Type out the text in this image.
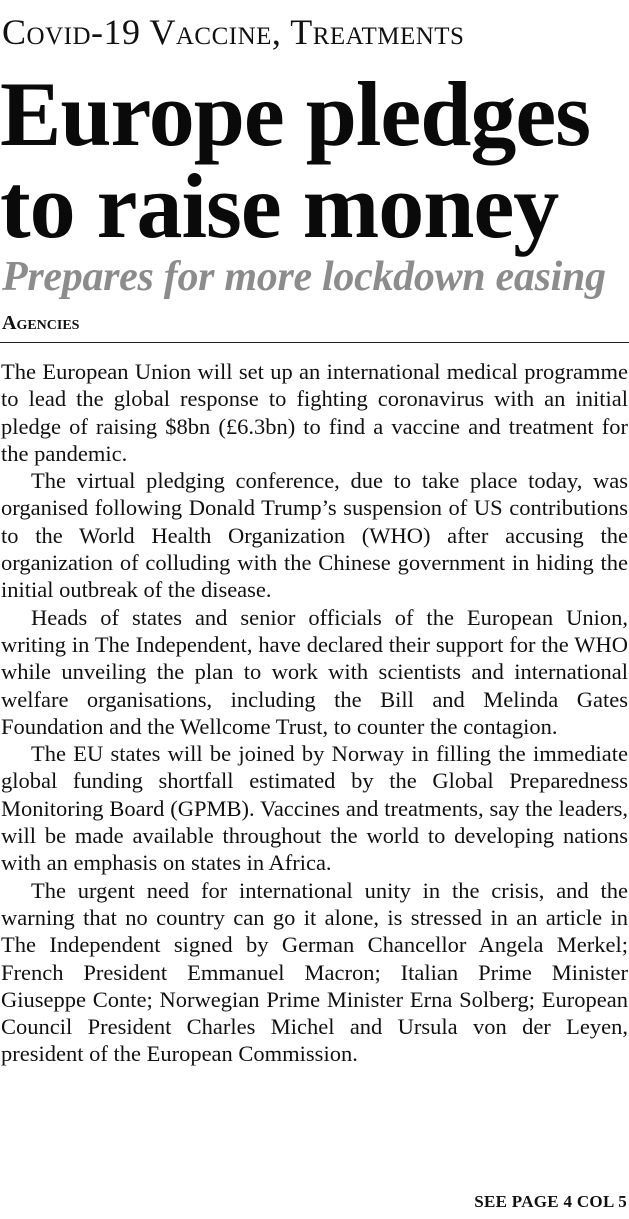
Covid-19 Vaccine, Treatments
Europe pledges
to raise money
Prepares for more lockdown easing
Agencies

The European Union will set up an international medical programme to lead the global response to fighting coronavirus with an initial pledge of raising $8bn (£6.3bn) to find a vaccine and treatment for the pandemic.

The virtual pledging conference, due to take place today, was organised following Donald Trump’s suspension of US contributions to the World Health Organization (WHO) after accusing the organization of colluding with the Chinese government in hiding the initial outbreak of the disease.

Heads of states and senior officials of the European Union, writing in The Independent, have declared their support for the WHO while unveiling the plan to work with scientists and international welfare organisations, including the Bill and Melinda Gates Foundation and the Wellcome Trust, to counter the contagion.

The EU states will be joined by Norway in filling the immediate global funding shortfall estimated by the Global Preparedness Monitoring Board (GPMB). Vaccines and treatments, say the leaders, will be made available throughout the world to developing nations with an emphasis on states in Africa.

The urgent need for international unity in the crisis, and the warning that no country can go it alone, is stressed in an article in The Independent signed by German Chancellor Angela Merkel; French President Emmanuel Macron; Italian Prime Minister Giuseppe Conte; Norwegian Prime Minister Erna Solberg; European Council President Charles Michel and Ursula von der Leyen, president of the European Commission.

SEE PAGE 4 COL 5
